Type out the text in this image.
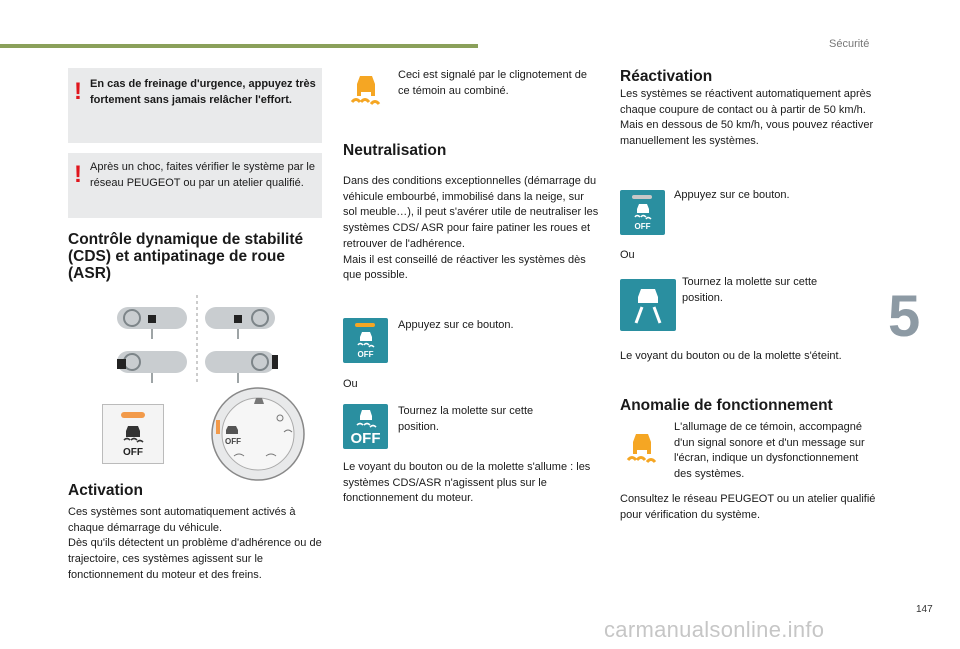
Sécurité
5
! En cas de freinage d'urgence, appuyez très fortement sans jamais relâcher l'effort.
! Après un choc, faites vérifier le système par le réseau PEUGEOT ou par un atelier qualifié.
Contrôle dynamique de stabilité (CDS) et antipatinage de roue (ASR)
OFF
OFF
Activation

Ces systèmes sont automatiquement activés à chaque démarrage du véhicule.
Dès qu'ils détectent un problème d'adhérence ou de trajectoire, ces systèmes agissent sur le fonctionnement du moteur et des freins.

Ceci est signalé par le clignotement de ce témoin au combiné.

Neutralisation

Dans des conditions exceptionnelles (démarrage du véhicule embourbé, immobilisé dans la neige, sur sol meuble…), il peut s'avérer utile de neutraliser les systèmes CDS/ ASR pour faire patiner les roues et retrouver de l'adhérence.
Mais il est conseillé de réactiver les systèmes dès que possible.

OFF

Appuyez sur ce bouton.

Ou

OFF

Tournez la molette sur cette position.

Le voyant du bouton ou de la molette s'allume : les systèmes CDS/ASR n'agissent plus sur le fonctionnement du moteur.

Réactivation

Les systèmes se réactivent automatiquement après chaque coupure de contact ou à partir de 50 km/h.
Mais en dessous de 50 km/h, vous pouvez réactiver manuellement les systèmes.

OFF

Appuyez sur ce bouton.

Ou

Tournez la molette sur cette position.

Le voyant du bouton ou de la molette s'éteint.

Anomalie de fonctionnement

L'allumage de ce témoin, accompagné d'un signal sonore et d'un message sur l'écran, indique un dysfonctionnement des systèmes.

Consultez le réseau PEUGEOT ou un atelier qualifié pour vérification du système.

147
carmanualsonline.info
